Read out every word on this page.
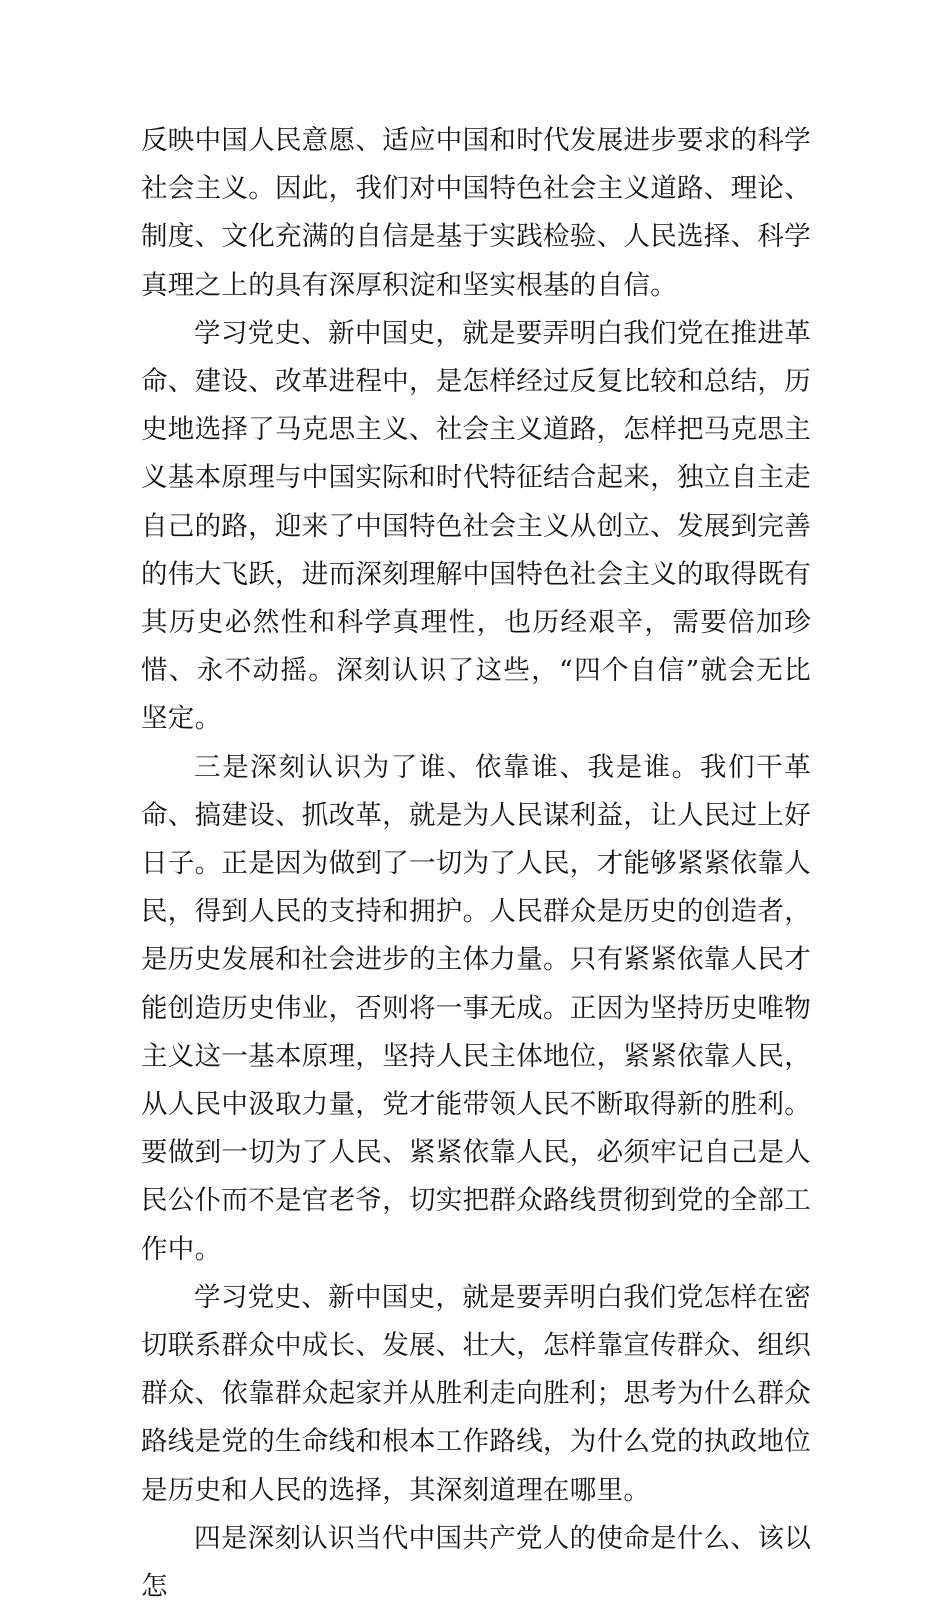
反映中国人民意愿、适应中国和时代发展进步要求的科学社会主义。因此，我们对中国特色社会主义道路、理论、制度、文化充满的自信是基于实践检验、人民选择、科学真理之上的具有深厚积淀和坚实根基的自信。

学习党史、新中国史，就是要弄明白我们党在推进革命、建设、改革进程中，是怎样经过反复比较和总结，历史地选择了马克思主义、社会主义道路，怎样把马克思主义基本原理与中国实际和时代特征结合起来，独立自主走自己的路，迎来了中国特色社会主义从创立、发展到完善的伟大飞跃，进而深刻理解中国特色社会主义的取得既有其历史必然性和科学真理性，也历经艰辛，需要倍加珍惜、永不动摇。深刻认识了这些，“四个自信”就会无比坚定。

三是深刻认识为了谁、依靠谁、我是谁。我们干革命、搞建设、抓改革，就是为人民谋利益，让人民过上好日子。正是因为做到了一切为了人民，才能够紧紧依靠人民，得到人民的支持和拥护。人民群众是历史的创造者，是历史发展和社会进步的主体力量。只有紧紧依靠人民才能创造历史伟业，否则将一事无成。正因为坚持历史唯物主义这一基本原理，坚持人民主体地位，紧紧依靠人民，从人民中汲取力量，党才能带领人民不断取得新的胜利。要做到一切为了人民、紧紧依靠人民，必须牢记自己是人民公仆而不是官老爷，切实把群众路线贯彻到党的全部工作中。

学习党史、新中国史，就是要弄明白我们党怎样在密切联系群众中成长、发展、壮大，怎样靠宣传群众、组织群众、依靠群众起家并从胜利走向胜利；思考为什么群众路线是党的生命线和根本工作路线，为什么党的执政地位是历史和人民的选择，其深刻道理在哪里。

四是深刻认识当代中国共产党人的使命是什么、该以怎
